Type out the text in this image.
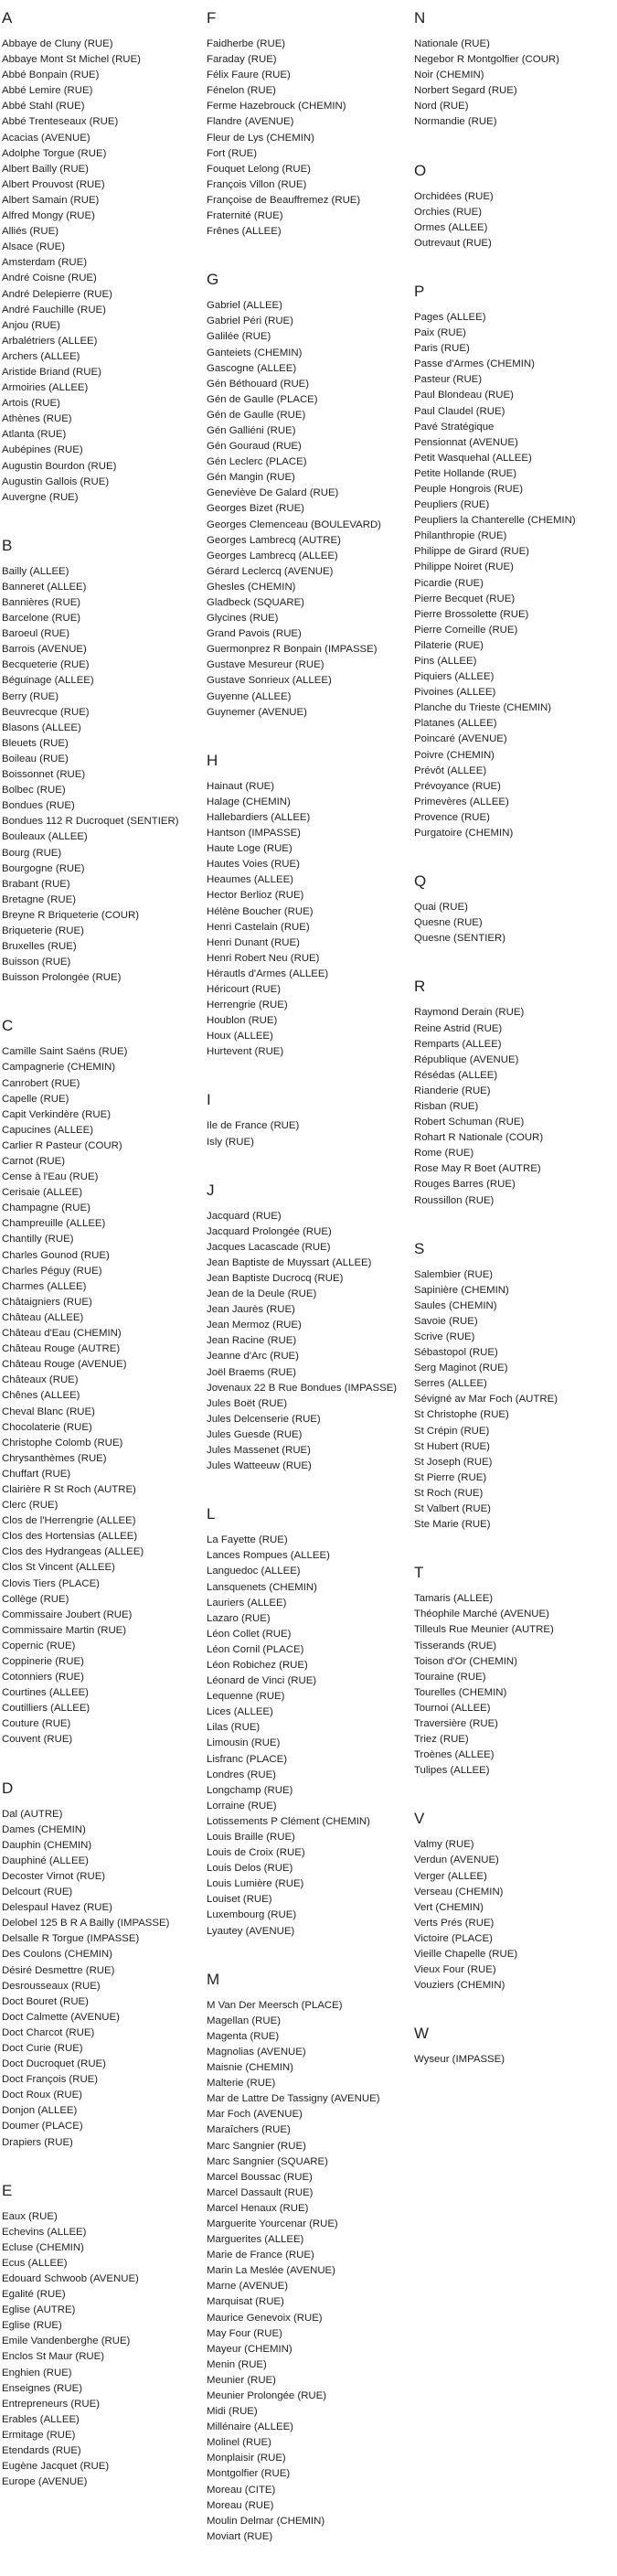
A
Abbaye de Cluny (RUE)
Abbaye Mont St Michel (RUE)
Abbé Bonpain (RUE)
Abbé Lemire (RUE)
Abbé Stahl (RUE)
Abbé Trenteseaux (RUE)
Acacias (AVENUE)
Adolphe Torgue (RUE)
Albert Bailly (RUE)
Albert Prouvost (RUE)
Albert Samain (RUE)
Alfred Mongy (RUE)
Alliés (RUE)
Alsace (RUE)
Amsterdam (RUE)
André Coisne (RUE)
André Delepierre (RUE)
André Fauchille (RUE)
Anjou (RUE)
Arbalétriers (ALLEE)
Archers (ALLEE)
Aristide Briand (RUE)
Armoiries (ALLEE)
Artois (RUE)
Athènes (RUE)
Atlanta (RUE)
Aubépines (RUE)
Augustin Bourdon (RUE)
Augustin Gallois (RUE)
Auvergne (RUE)
B
Bailly (ALLEE)
Banneret (ALLEE)
Bannières (RUE)
Barcelone (RUE)
Baroeul (RUE)
Barrois (AVENUE)
Becqueterie (RUE)
Béguinage (ALLEE)
Berry (RUE)
Beuvrecque (RUE)
Blasons (ALLEE)
Bleuets (RUE)
Boileau (RUE)
Boissonnet (RUE)
Bolbec (RUE)
Bondues (RUE)
Bondues 112 R Ducroquet (SENTIER)
Bouleaux (ALLEE)
Bourg (RUE)
Bourgogne (RUE)
Brabant (RUE)
Bretagne (RUE)
Breyne R Briqueterie (COUR)
Briqueterie (RUE)
Bruxelles (RUE)
Buisson (RUE)
Buisson Prolongée (RUE)
C
Camille Saint Saëns (RUE)
Campagnerie (CHEMIN)
Canrobert (RUE)
Capelle (RUE)
Capit Verkindère (RUE)
Capucines (ALLEE)
Carlier R Pasteur (COUR)
Carnot (RUE)
Cense à l'Eau (RUE)
Cerisaie (ALLEE)
Champagne (RUE)
Champreuille (ALLEE)
Chantilly (RUE)
Charles Gounod (RUE)
Charles Péguy (RUE)
Charmes (ALLEE)
Châtaigniers (RUE)
Château (ALLEE)
Château d'Eau (CHEMIN)
Château Rouge (AUTRE)
Château Rouge (AVENUE)
Châteaux (RUE)
Chênes (ALLEE)
Cheval Blanc (RUE)
Chocolaterie (RUE)
Christophe Colomb (RUE)
Chrysanthèmes (RUE)
Chuffart (RUE)
Clairière R St Roch (AUTRE)
Clerc (RUE)
Clos de l'Herrengrie (ALLEE)
Clos des Hortensias (ALLEE)
Clos des Hydrangeas (ALLEE)
Clos St Vincent (ALLEE)
Clovis Tiers (PLACE)
Collège (RUE)
Commissaire Joubert (RUE)
Commissaire Martin (RUE)
Copernic (RUE)
Coppinerie (RUE)
Cotonniers (RUE)
Courtines (ALLEE)
Coutilliers (ALLEE)
Couture (RUE)
Couvent (RUE)
D
Dal (AUTRE)
Dames (CHEMIN)
Dauphin (CHEMIN)
Dauphiné (ALLEE)
Decoster Virnot (RUE)
Delcourt (RUE)
Delespaul Havez (RUE)
Delobel 125 B R A Bailly (IMPASSE)
Delsalle R Torgue (IMPASSE)
Des Coulons (CHEMIN)
Désiré Desmettre (RUE)
Desrousseaux (RUE)
Doct Bouret (RUE)
Doct Calmette (AVENUE)
Doct Charcot (RUE)
Doct Curie (RUE)
Doct Ducroquet (RUE)
Doct François (RUE)
Doct Roux (RUE)
Donjon (ALLEE)
Doumer (PLACE)
Drapiers (RUE)
E
Eaux (RUE)
Echevins (ALLEE)
Ecluse (CHEMIN)
Ecus (ALLEE)
Edouard Schwoob (AVENUE)
Egalité (RUE)
Eglise (AUTRE)
Eglise (RUE)
Emile Vandenberghe (RUE)
Enclos St Maur (RUE)
Enghien (RUE)
Enseignes (RUE)
Entrepreneurs (RUE)
Erables (ALLEE)
Ermitage (RUE)
Etendards (RUE)
Eugène Jacquet (RUE)
Europe (AVENUE)
F
Faidherbe (RUE)
Faraday (RUE)
Félix Faure (RUE)
Fénelon (RUE)
Ferme Hazebrouck (CHEMIN)
Flandre (AVENUE)
Fleur de Lys (CHEMIN)
Fort (RUE)
Fouquet Lelong (RUE)
François Villon (RUE)
Françoise de Beauffremez (RUE)
Fraternité (RUE)
Frênes (ALLEE)
G
Gabriel (ALLEE)
Gabriel Péri (RUE)
Galilée (RUE)
Ganteiets (CHEMIN)
Gascogne (ALLEE)
Gén Béthouard (RUE)
Gén de Gaulle (PLACE)
Gén de Gaulle (RUE)
Gén Galliéni (RUE)
Gén Gouraud (RUE)
Gén Leclerc (PLACE)
Gén Mangin (RUE)
Geneviève De Galard (RUE)
Georges Bizet (RUE)
Georges Clemenceau (BOULEVARD)
Georges Lambrecq (AUTRE)
Georges Lambrecq (ALLEE)
Gérard Leclercq (AVENUE)
Ghesles (CHEMIN)
Gladbeck (SQUARE)
Glycines (RUE)
Grand Pavois (RUE)
Guermonprez R Bonpain (IMPASSE)
Gustave Mesureur (RUE)
Gustave Sonrieux (ALLEE)
Guyenne (ALLEE)
Guynemer (AVENUE)
H
Hainaut (RUE)
Halage (CHEMIN)
Hallebardiers (ALLEE)
Hantson (IMPASSE)
Haute Loge (RUE)
Hautes Voies (RUE)
Heaumes (ALLEE)
Hector Berlioz (RUE)
Hélène Boucher (RUE)
Henri Castelain (RUE)
Henri Dunant (RUE)
Henri Robert Neu (RUE)
Hérautls d'Armes (ALLEE)
Héricourt (RUE)
Herrengrie (RUE)
Houblon (RUE)
Houx (ALLEE)
Hurtevent (RUE)
I
Ile de France (RUE)
Isly (RUE)
J
Jacquard (RUE)
Jacquard Prolongée (RUE)
Jacques Lacascade (RUE)
Jean Baptiste de Muyssart (ALLEE)
Jean Baptiste Ducrocq (RUE)
Jean de la Deule (RUE)
Jean Jaurès (RUE)
Jean Mermoz (RUE)
Jean Racine (RUE)
Jeanne d'Arc (RUE)
Joël Braems (RUE)
Jovenaux 22 B Rue Bondues (IMPASSE)
Jules Boët (RUE)
Jules Delcenserie (RUE)
Jules Guesde (RUE)
Jules Massenet (RUE)
Jules Watteeuw (RUE)
L
La Fayette (RUE)
Lances Rompues (ALLEE)
Languedoc (ALLEE)
Lansquenets (CHEMIN)
Lauriers (ALLEE)
Lazaro (RUE)
Léon Collet (RUE)
Léon Cornil (PLACE)
Léon Robichez (RUE)
Léonard de Vinci (RUE)
Lequenne (RUE)
Lices (ALLEE)
Lilas (RUE)
Limousin (RUE)
Lisfranc (PLACE)
Londres (RUE)
Longchamp (RUE)
Lorraine (RUE)
Lotissements P Clément (CHEMIN)
Louis Braille (RUE)
Louis de Croix (RUE)
Louis Delos (RUE)
Louis Lumière (RUE)
Louiset (RUE)
Luxembourg (RUE)
Lyautey (AVENUE)
M
M Van Der Meersch (PLACE)
Magellan (RUE)
Magenta (RUE)
Magnolias (AVENUE)
Maisnie (CHEMIN)
Malterie (RUE)
Mar de Lattre De Tassigny (AVENUE)
Mar Foch (AVENUE)
Maraîchers (RUE)
Marc Sangnier (RUE)
Marc Sangnier (SQUARE)
Marcel Boussac (RUE)
Marcel Dassault (RUE)
Marcel Henaux (RUE)
Marguerite Yourcenar (RUE)
Marguerites (ALLEE)
Marie de France (RUE)
Marin La Meslée (AVENUE)
Marne (AVENUE)
Marquisat (RUE)
Maurice Genevoix (RUE)
May Four (RUE)
Mayeur (CHEMIN)
Menin (RUE)
Meunier (RUE)
Meunier Prolongée (RUE)
Midi (RUE)
Millénaire (ALLEE)
Molinel (RUE)
Monplaisir (RUE)
Montgolfier (RUE)
Moreau (CITE)
Moreau (RUE)
Moulin Delmar (CHEMIN)
Moviart (RUE)
N
Nationale (RUE)
Negebor R Montgolfier (COUR)
Noir (CHEMIN)
Norbert Segard (RUE)
Nord (RUE)
Normandie (RUE)
O
Orchidées (RUE)
Orchies (RUE)
Ormes (ALLEE)
Outrevaut (RUE)
P
Pages (ALLEE)
Paix (RUE)
Paris (RUE)
Passe d'Armes (CHEMIN)
Pasteur (RUE)
Paul Blondeau (RUE)
Paul Claudel (RUE)
Pavé Stratégique
Pensionnat (AVENUE)
Petit Wasquehal (ALLEE)
Petite Hollande (RUE)
Peuple Hongrois (RUE)
Peupliers (RUE)
Peupliers la Chanterelle (CHEMIN)
Philanthropie (RUE)
Philippe de Girard (RUE)
Philippe Noiret (RUE)
Picardie (RUE)
Pierre Becquet (RUE)
Pierre Brossolette (RUE)
Pierre Corneille (RUE)
Pilaterie (RUE)
Pins (ALLEE)
Piquiers (ALLEE)
Pivoines (ALLEE)
Planche du Trieste (CHEMIN)
Platanes (ALLEE)
Poincaré (AVENUE)
Poivre (CHEMIN)
Prévôt (ALLEE)
Prévoyance (RUE)
Primevères (ALLEE)
Provence (RUE)
Purgatoire (CHEMIN)
Q
Quai (RUE)
Quesne (RUE)
Quesne (SENTIER)
R
Raymond Derain (RUE)
Reine Astrid (RUE)
Remparts (ALLEE)
République (AVENUE)
Résédas (ALLEE)
Rianderie (RUE)
Risban (RUE)
Robert Schuman (RUE)
Rohart R Nationale (COUR)
Rome (RUE)
Rose May R Boet (AUTRE)
Rouges Barres (RUE)
Roussillon (RUE)
S
Salembier (RUE)
Sapinière (CHEMIN)
Saules (CHEMIN)
Savoie (RUE)
Scrive (RUE)
Sébastopol (RUE)
Serg Maginot (RUE)
Serres (ALLEE)
Sévigné av Mar Foch (AUTRE)
St Christophe (RUE)
St Crépin (RUE)
St Hubert (RUE)
St Joseph (RUE)
St Pierre (RUE)
St Roch (RUE)
St Valbert (RUE)
Ste Marie (RUE)
T
Tamaris (ALLEE)
Théophile Marché (AVENUE)
Tilleuls Rue Meunier (AUTRE)
Tisserands (RUE)
Toison d'Or (CHEMIN)
Touraine (RUE)
Tourelles (CHEMIN)
Tournoi (ALLEE)
Traversière (RUE)
Triez (RUE)
Troènes (ALLEE)
Tulipes (ALLEE)
V
Valmy (RUE)
Verdun (AVENUE)
Verger (ALLEE)
Verseau (CHEMIN)
Vert (CHEMIN)
Verts Prés (RUE)
Victoire (PLACE)
Vieille Chapelle (RUE)
Vieux Four (RUE)
Vouziers (CHEMIN)
W
Wyseur (IMPASSE)
